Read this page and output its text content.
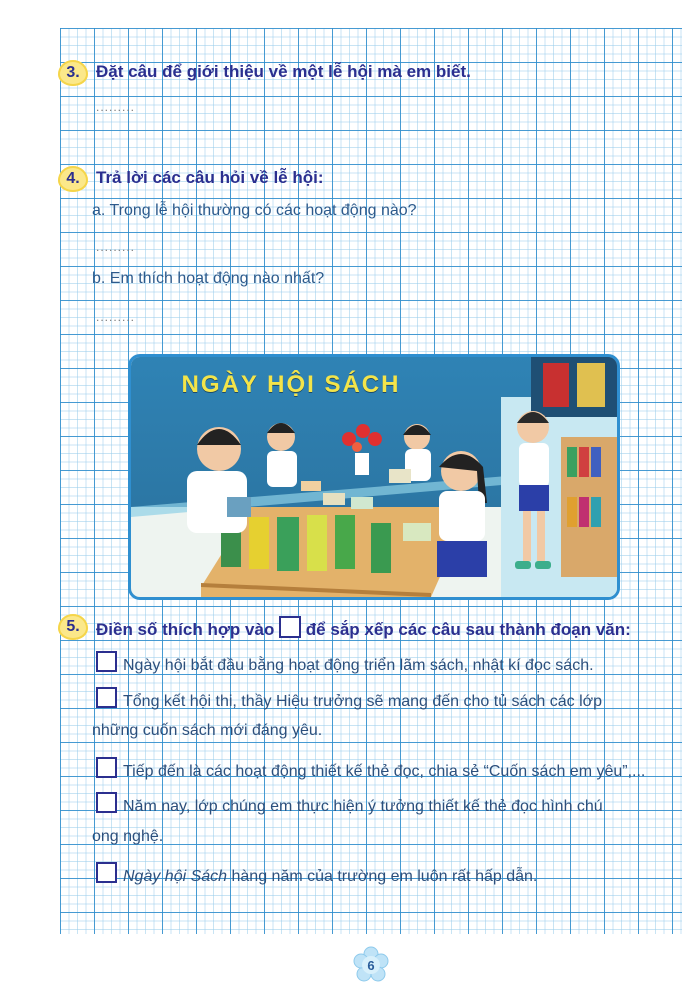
3. Đặt câu để giới thiệu về một lễ hội mà em biết.
.........
4. Trả lời các câu hỏi về lễ hội:
a. Trong lễ hội thường có các hoạt động nào?
.........
b. Em thích hoạt động nào nhất?
.........
NGÀY HỘI SÁCH
5. Điền số thích hợp vào để sắp xếp các câu sau thành đoạn văn:
Ngày hội bắt đầu bằng hoạt động triển lãm sách, nhật kí đọc sách.
Tổng kết hội thi, thầy Hiệu trưởng sẽ mang đến cho tủ sách các lớp
những cuốn sách mới đáng yêu.
Tiếp đến là các hoạt động thiết kế thẻ đọc, chia sẻ “Cuốn sách em yêu”,...
Năm nay, lớp chúng em thực hiện ý tưởng thiết kế thẻ đọc hình chú
ong nghệ.
Ngày hội Sách hàng năm của trường em luôn rất hấp dẫn.
6
